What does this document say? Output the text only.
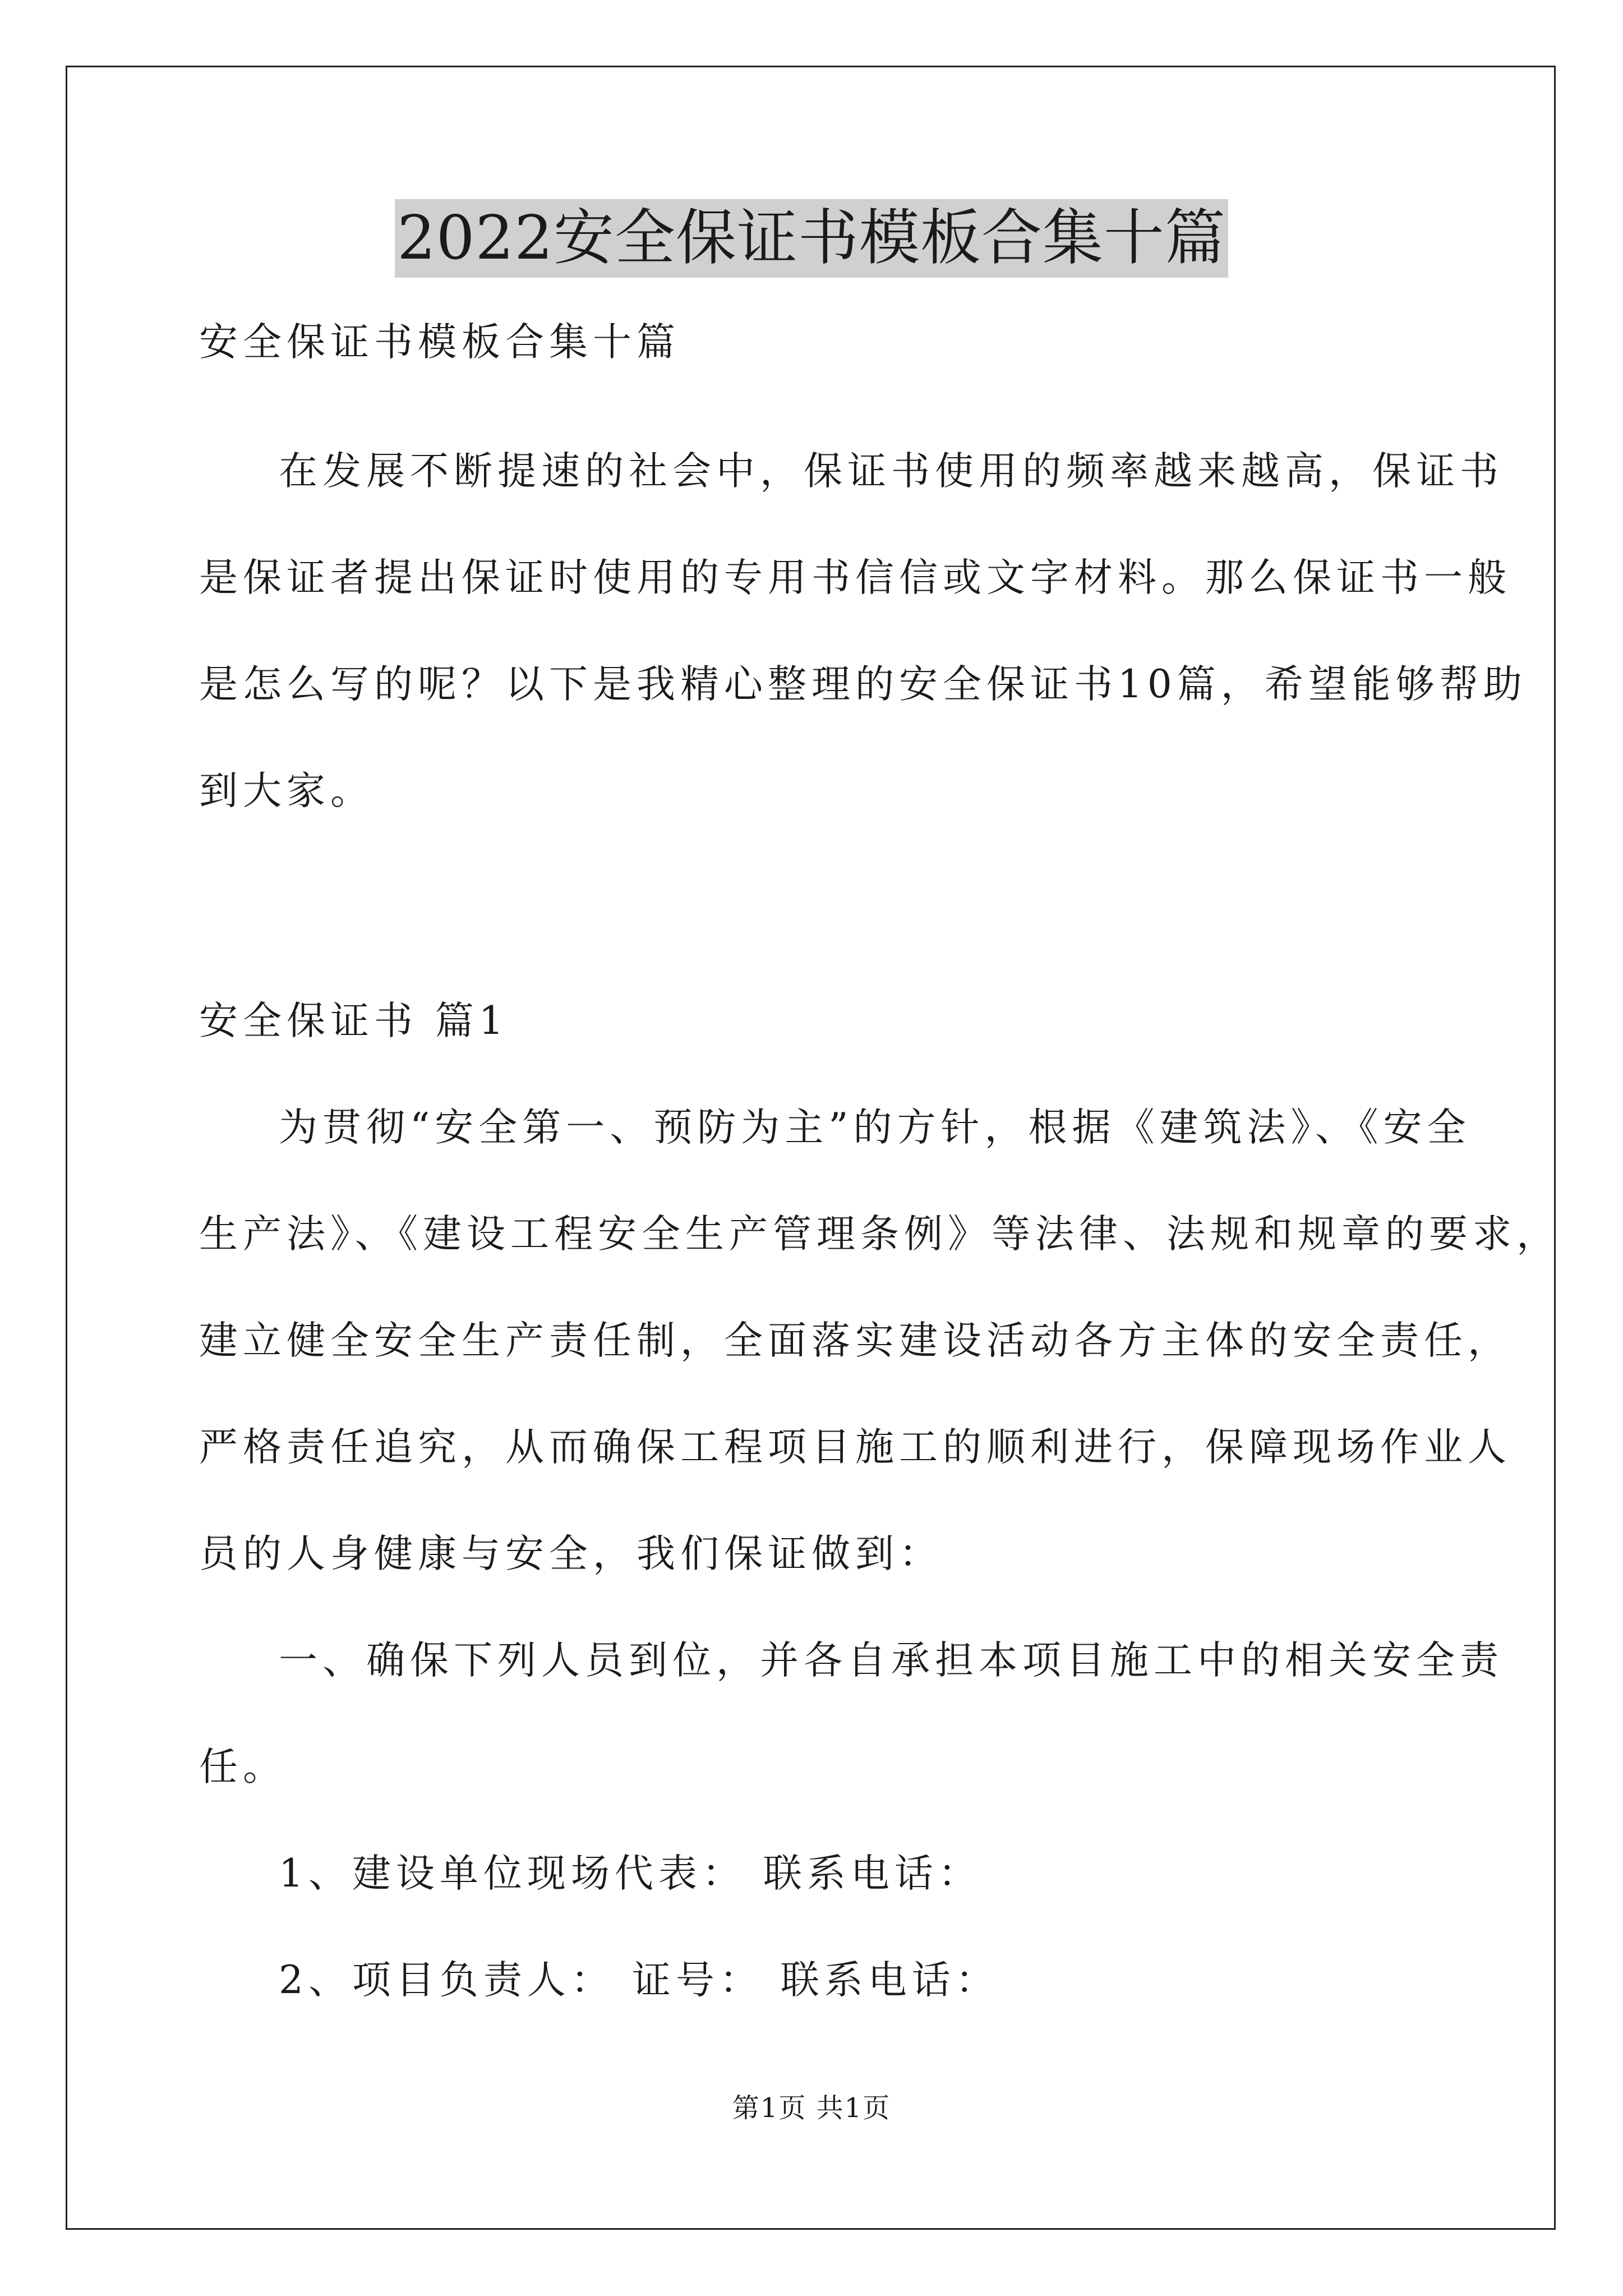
2022安全保证书模板合集十篇
安全保证书模板合集十篇
在发展不断提速的社会中，保证书使用的频率越来越高，保证书
是保证者提出保证时使用的专用书信信或文字材料。那么保证书一般
是怎么写的呢？以下是我精心整理的安全保证书10篇，希望能够帮助
到大家。
安全保证书 篇1
为贯彻“安全第一、预防为主”的方针，根据《建筑法》、《安全
生产法》、《建设工程安全生产管理条例》等法律、法规和规章的要求，
建立健全安全生产责任制，全面落实建设活动各方主体的安全责任，
严格责任追究，从而确保工程项目施工的顺利进行，保障现场作业人
员的人身健康与安全，我们保证做到：
一、确保下列人员到位，并各自承担本项目施工中的相关安全责
任。
1、建设单位现场代表： 联系电话：
2、项目负责人： 证号： 联系电话：
第1页 共1页
